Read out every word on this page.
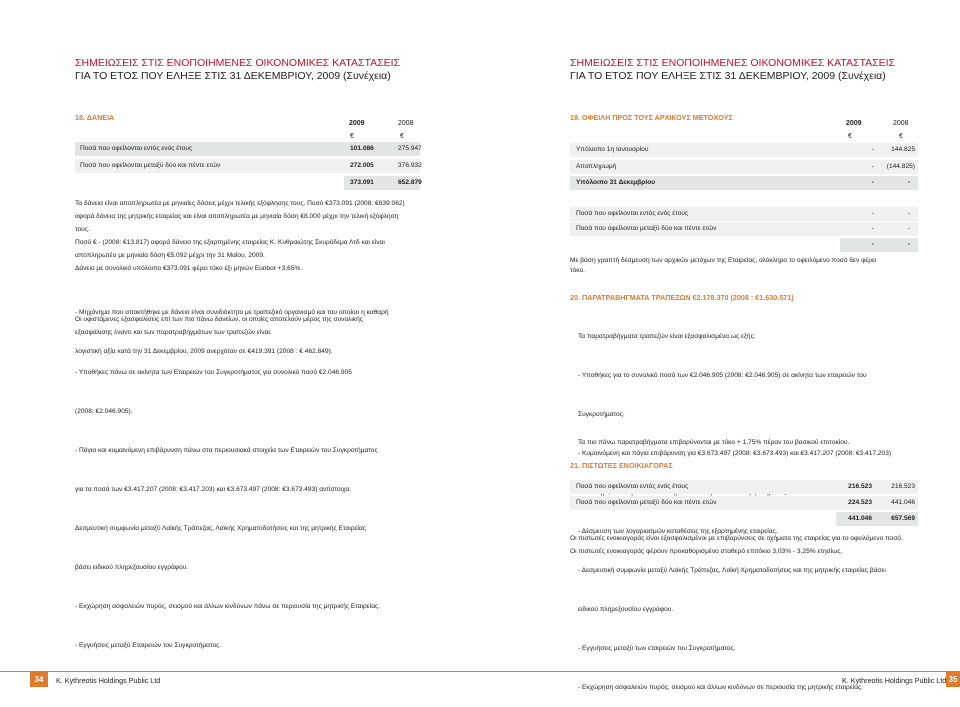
ΣΗΜΕΙΩΣΕΙΣ ΣΤΙΣ ΕΝΟΠΟΙΗΜΕΝΕΣ ΟΙΚΟΝΟΜΙΚΕΣ ΚΑΤΑΣΤΑΣΕΙΣ
ΓΙΑ ΤΟ ΕΤΟΣ ΠΟΥ ΕΛΗΞΕ ΣΤΙΣ 31 ΔΕΚΕΜΒΡΙΟΥ, 2009 (Συνέχεια)
18. ΔΑΝΕΙΑ
2009	2008
€	€
Ποσά που οφείλονται εντός ενός έτους	101.086	275.947
Ποσά που οφείλονται μεταξύ δύο και πέντε ετών	272.005	376.932
373.091	652.879
Τα δάνεια είναι αποπληρωτέα με μηνιαίες δόσεις μέχρι τελικής εξόφλησης τους. Ποσό €373.091 (2008: €639.062)
αφορά δάνεια της μητρικής εταιρείας και είναι αποπληρωτέα με μηνιαία δόση €8.000 μέχρι την τελική εξόφληση
τους.
Ποσό € - (2008: €13.817) αφορά δάνειο της εξαρτημένης εταιρείας Κ. Κυθραιώτης Σκυρόδεμα Λτδ και είναι
αποπληρωτέο με μηνιαία δόση €5.092 μέχρι την 31 Μαΐου, 2009.
Δάνειο με συνολικό υπόλοιπο €373.091 φέρει τόκο έξι μηνών Euribor +3,65%.

- Μηχάνημα που αποκτήθηκε με δάνειο είναι συνιδιόκτητο με τραπεζικό οργανισμό και του οποίου η καθαρή

λογιστική αξία κατά την 31 Δεκεμβρίου, 2009 ανερχόταν σε €419.391 (2008 : € 462.849).

Οι υφιστάμενες εξασφαλίσεις επί των πιο πάνω δανείων, οι οποίες αποτελούν μέρος της συνολικής
εξασφάλισης έναντι και των παρατραβηγμάτων των τραπεζών είναι:

- Υποθήκες πάνω σε ακίνητα των Εταιρειών του Συγκροτήματος για συνολικό ποσό €2.046.905

(2008: €2.046.905).

- Πάγια και κυμαινόμενη επιβάρυνση πάνω στα περιουσιακά στοιχεία των Εταιρειών του Συγκροτήματος

για τα ποσά των €3.417.207 (2008: €3.417.203) και €3.673.497 (2008: €3.673.493) αντίστοιχα.

Δεσμευτική συμφωνία μεταξύ Λαϊκής Τράπεζας, Λαϊκής Χρηματοδοτήσεις και της μητρικής Εταιρείας

βάσει ειδικού πληρεξουσίου εγγράφου.

- Εκχώρηση ασφαλειών πυρός, σεισμού και άλλων κινδύνων πάνω σε περιουσία της μητρικής Εταιρείας.

- Εγγυήσεις μεταξύ Εταιρειών του Συγκροτήματος.

ΣΗΜΕΙΩΣΕΙΣ ΣΤΙΣ ΕΝΟΠΟΙΗΜΕΝΕΣ ΟΙΚΟΝΟΜΙΚΕΣ ΚΑΤΑΣΤΑΣΕΙΣ
ΓΙΑ ΤΟ ΕΤΟΣ ΠΟΥ ΕΛΗΞΕ ΣΤΙΣ 31 ΔΕΚΕΜΒΡΙΟΥ, 2009 (Συνέχεια)
19. ΟΦΕΙΛΗ ΠΡΟΣ ΤΟΥΣ ΑΡΧΙΚΟΥΣ ΜΕΤΟΧΟΥΣ
2009	2008
€	€
Υπόλοιπο 1η Ιανουαρίου	-	144.825
Αποπληρωμή	- (144.825)
Υπόλοιπο 31 Δεκεμβρίου	-	-
Ποσά που οφείλονται εντός ενός έτους	-	-
Ποσά που οφείλονται μεταξύ δύο και πέντε ετών	-	-
-	-
Με βάση γραπτή δέσμευση των αρχικών μετόχων της Εταιρείας, ολόκληρο το οφειλόμενο ποσό δεν φέρει
τόκο.
20. ΠΑΡΑΤΡΑΒΗΓΜΑΤΑ ΤΡΑΠΕΖΩΝ €2.178.370 (2008 : €1.630.571)

Τα παρατραβήγματα τραπεζών είναι εξασφαλισμένα ως εξής:

- Υποθήκες για το συνολικό ποσό των €2.046.905 (2008: €2.046.905) σε ακίνητα των εταιρειών του

Συγκροτήματος.

- Κυμαινόμενη και πάγια επιβάρυνση για €3.673.497 (2008: €3.673.493) και €3.417.207 (2008: €3.417.203)

- Δέσμευση των λογαριασμών καταθέσεις της εξαρτημένης εταιρείας.

- Δεσμευτική συμφωνία μεταξύ Λαϊκής Τράπεζας, Λαϊκή Χρηματοδοτήσεις και της μητρικής εταιρείας βάσει

ειδικού πληρεξουσίου εγγράφου.

- Εγγυήσεις μεταξύ των εταιρειών του Συγκροτήματος.

- Εκχώρηση ασφαλειών πυρός, σεισμού και άλλων κινδύνων σε περιουσία της μητρικής εταιρείας.

Τα πιο πάνω παρατραβήγματα επιβαρύνονται με τόκο + 1,75% πέραν του βασικού επιτοκίου.
21. ΠΙΣΤΩΤΕΣ ΕΝΟΙΚΙΑΓΟΡΑΣ
Ποσά που οφείλονται εντός ενός έτους	216.523	216.523
Ποσά που οφείλονται μεταξύ δύο και πέντε ετών	224.523	441.046
441.046	657.569
Οι πιστωτές ενοικιαγοράς είναι εξασφαλισμένοι με επιβαρύνσεις σε οχήματα της εταιρείας για το οφειλόμενο ποσό.
Οι πιστωτές ενοικιαγοράς φέρουν προκαθορισμένο σταθερό επιτόκιο 3,03% - 3,25% ετησίως.
34	K. Kythreotis Holdings Public Ltd	K. Kythreotis Holdings Public Ltd 35
